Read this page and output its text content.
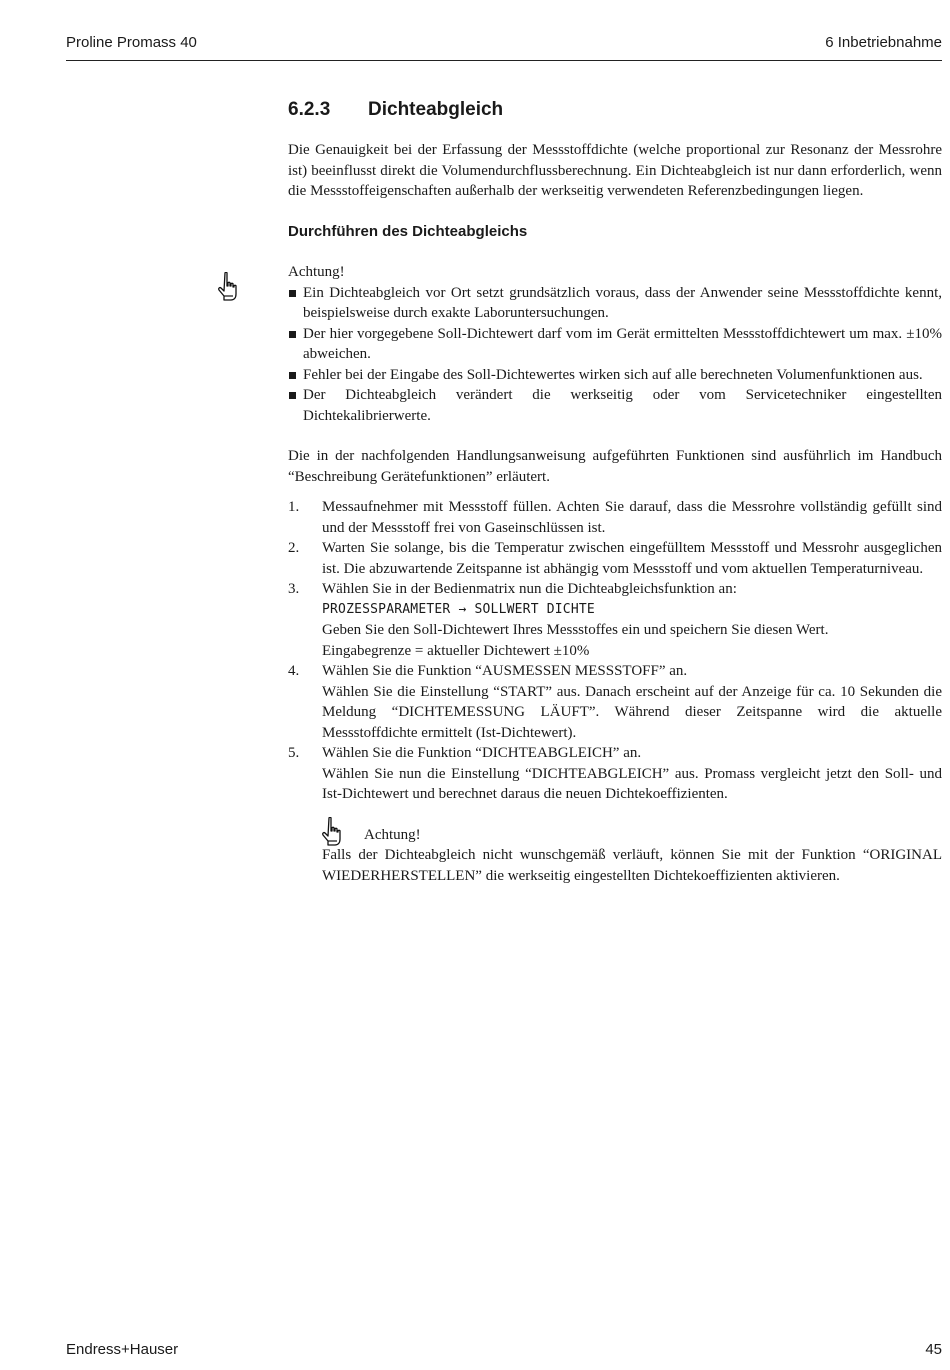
Proline Promass 40	6 Inbetriebnahme
6.2.3 Dichteabgleich

Die Genauigkeit bei der Erfassung der Messstoffdichte (welche proportional zur Resonanz der Messrohre ist) beeinflusst direkt die Volumendurchflussberechnung. Ein Dichteabgleich ist nur dann erforderlich, wenn die Messstoffeigenschaften außerhalb der werkseitig verwendeten Referenzbedingungen liegen.

Durchführen des Dichteabgleichs
Achtung!
Ein Dichteabgleich vor Ort setzt grundsätzlich voraus, dass der Anwender seine Messstoffdichte kennt, beispielsweise durch exakte Laboruntersuchungen.
Der hier vorgegebene Soll-Dichtewert darf vom im Gerät ermittelten Messstoffdichtewert um max. ±10% abweichen.
Fehler bei der Eingabe des Soll-Dichtewertes wirken sich auf alle berechneten Volumenfunktionen aus.
Der Dichteabgleich verändert die werkseitig oder vom Servicetechniker eingestellten Dichtekalibrierwerte.

Die in der nachfolgenden Handlungsanweisung aufgeführten Funktionen sind ausführlich im Handbuch “Beschreibung Gerätefunktionen” erläutert.

1. Messaufnehmer mit Messstoff füllen. Achten Sie darauf, dass die Messrohre vollständig gefüllt sind und der Messstoff frei von Gaseinschlüssen ist.
2. Warten Sie solange, bis die Temperatur zwischen eingefülltem Messstoff und Messrohr ausgeglichen ist. Die abzuwartende Zeitspanne ist abhängig vom Messstoff und vom aktuellen Temperaturniveau.
3. Wählen Sie in der Bedienmatrix nun die Dichteabgleichsfunktion an:
PROZESSPARAMETER → SOLLWERT DICHTE
Geben Sie den Soll-Dichtewert Ihres Messstoffes ein und speichern Sie diesen Wert.
Eingabegrenze = aktueller Dichtewert ±10%
4. Wählen Sie die Funktion “AUSMESSEN MESSSTOFF” an.
Wählen Sie die Einstellung “START” aus. Danach erscheint auf der Anzeige für ca. 10 Sekunden die Meldung “DICHTEMESSUNG LÄUFT”. Während dieser Zeitspanne wird die aktuelle Messstoffdichte ermittelt (Ist-Dichtewert).
5. Wählen Sie die Funktion “DICHTEABGLEICH” an.
Wählen Sie nun die Einstellung “DICHTEABGLEICH” aus. Promass vergleicht jetzt den Soll- und Ist-Dichtewert und berechnet daraus die neuen Dichtekoeffizienten.
Achtung!

Falls der Dichteabgleich nicht wunschgemäß verläuft, können Sie mit der Funktion “ORIGINAL WIEDERHERSTELLEN” die werkseitig eingestellten Dichtekoeffizienten aktivieren.

Endress+Hauser	45
